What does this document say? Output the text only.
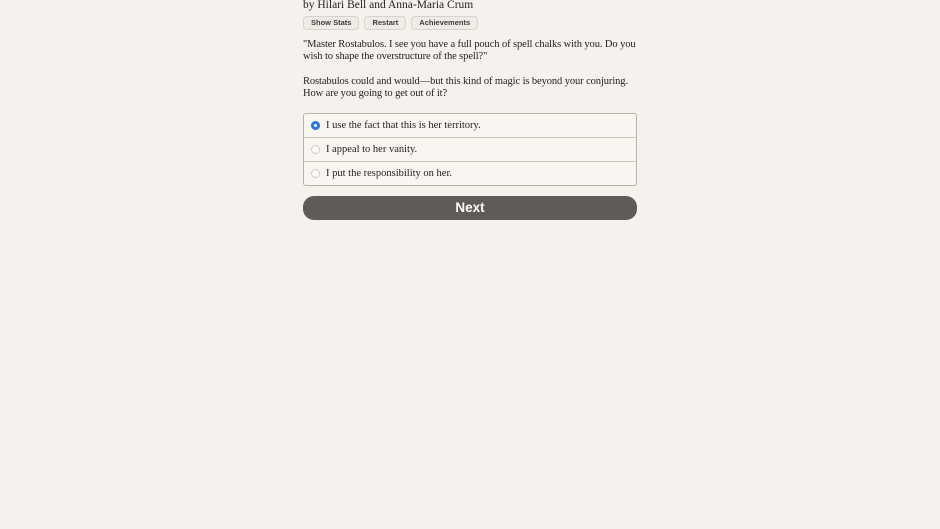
by Hilari Bell and Anna-Maria Crum
Show Stats	Restart	Achievements

"Master Rostabulos. I see you have a full pouch of spell chalks with you. Do you wish to shape the overstructure of the spell?"

Rostabulos could and would—but this kind of magic is beyond your conjuring. How are you going to get out of it?

I use the fact that this is her territory.
I appeal to her vanity.
I put the responsibility on her.
Next
